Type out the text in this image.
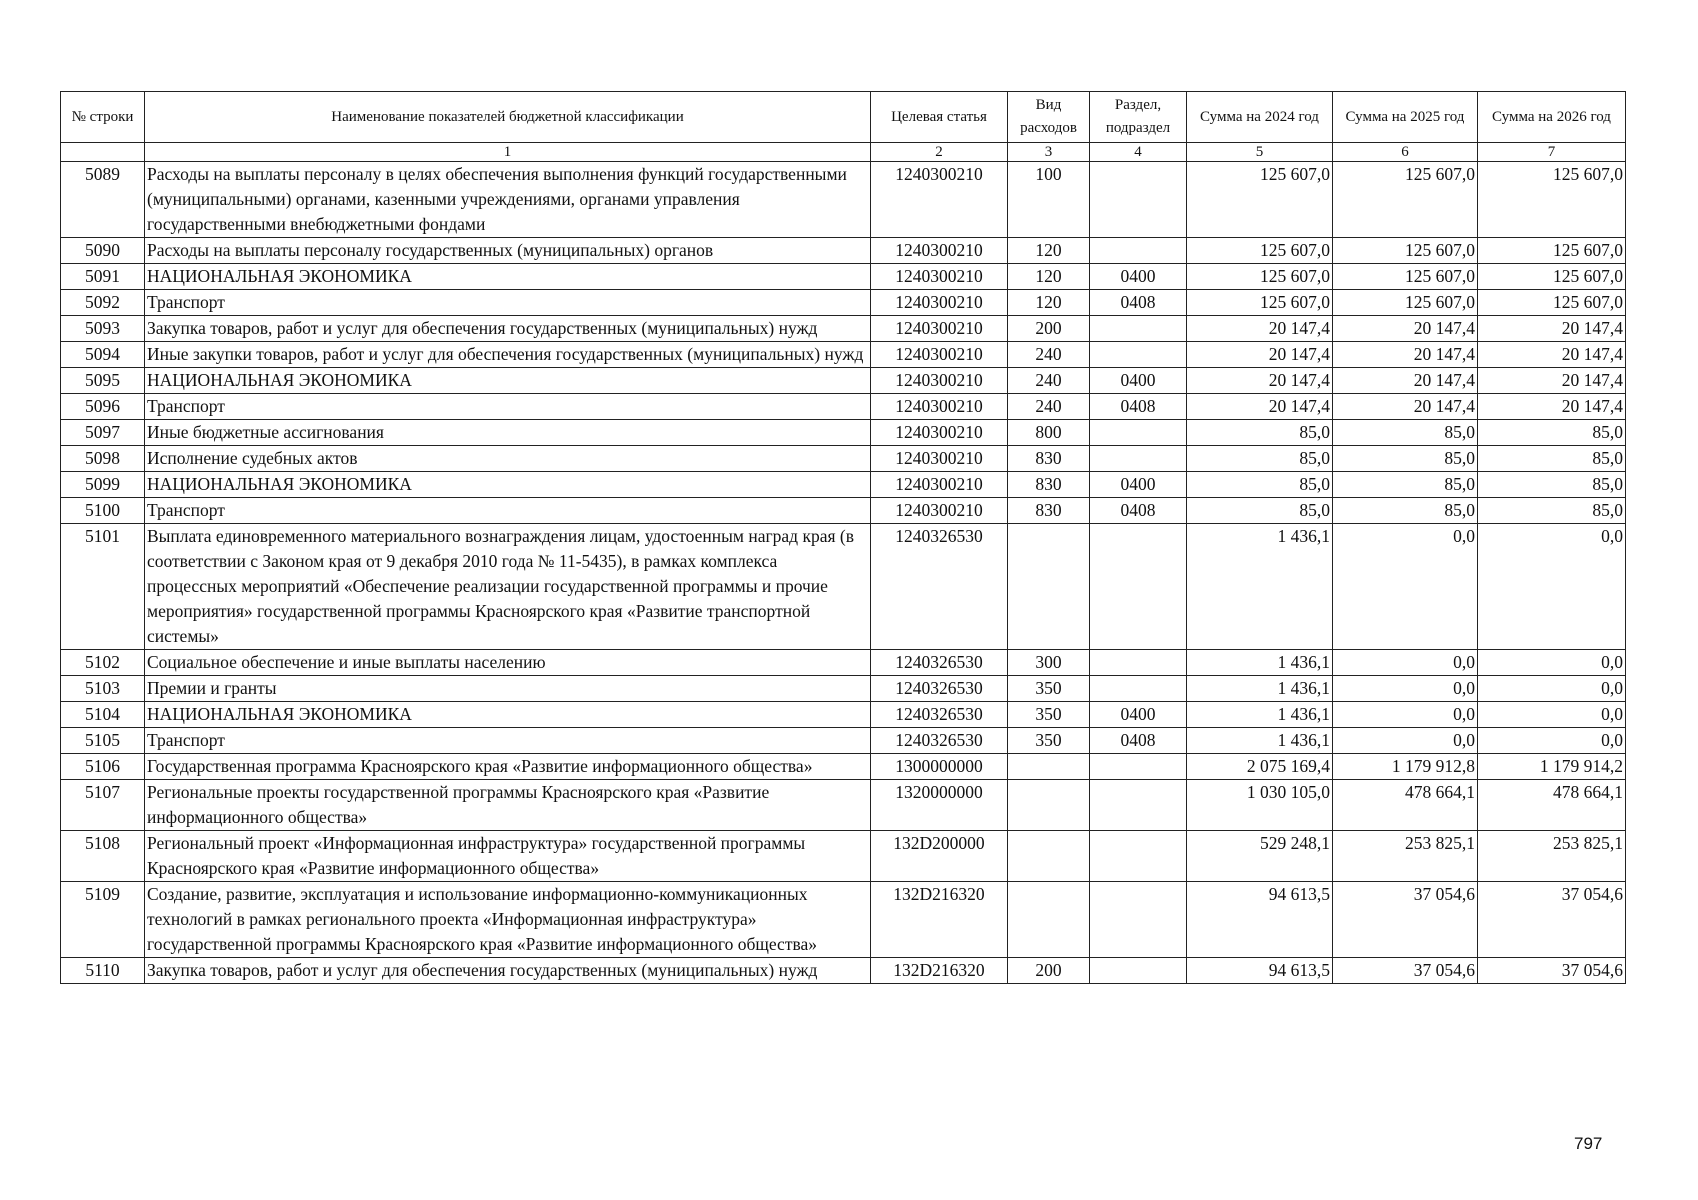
№ строки	Наименование показателей бюджетной классификации	Целевая статья	Вид расходов	Раздел, подраздел	Сумма на 2024 год	Сумма на 2025 год	Сумма на 2026 год
	1	2	3	4	5	6	7
5089	Расходы на выплаты персоналу в целях обеспечения выполнения функций государственными (муниципальными) органами, казенными учреждениями, органами управления государственными внебюджетными фондами	1240300210	100		125 607,0	125 607,0	125 607,0
5090	Расходы на выплаты персоналу государственных (муниципальных) органов	1240300210	120		125 607,0	125 607,0	125 607,0
5091	НАЦИОНАЛЬНАЯ ЭКОНОМИКА	1240300210	120	0400	125 607,0	125 607,0	125 607,0
5092	Транспорт	1240300210	120	0408	125 607,0	125 607,0	125 607,0
5093	Закупка товаров, работ и услуг для обеспечения государственных (муниципальных) нужд	1240300210	200		20 147,4	20 147,4	20 147,4
5094	Иные закупки товаров, работ и услуг для обеспечения государственных (муниципальных) нужд	1240300210	240		20 147,4	20 147,4	20 147,4
5095	НАЦИОНАЛЬНАЯ ЭКОНОМИКА	1240300210	240	0400	20 147,4	20 147,4	20 147,4
5096	Транспорт	1240300210	240	0408	20 147,4	20 147,4	20 147,4
5097	Иные бюджетные ассигнования	1240300210	800		85,0	85,0	85,0
5098	Исполнение судебных актов	1240300210	830		85,0	85,0	85,0
5099	НАЦИОНАЛЬНАЯ ЭКОНОМИКА	1240300210	830	0400	85,0	85,0	85,0
5100	Транспорт	1240300210	830	0408	85,0	85,0	85,0
5101	Выплата единовременного материального вознаграждения лицам, удостоенным наград края (в соответствии с Законом края от 9 декабря 2010 года № 11-5435), в рамках комплекса процессных мероприятий «Обеспечение реализации государственной программы и прочие мероприятия» государственной программы Красноярского края «Развитие транспортной системы»	1240326530			1 436,1	0,0	0,0
5102	Социальное обеспечение и иные выплаты населению	1240326530	300		1 436,1	0,0	0,0
5103	Премии и гранты	1240326530	350		1 436,1	0,0	0,0
5104	НАЦИОНАЛЬНАЯ ЭКОНОМИКА	1240326530	350	0400	1 436,1	0,0	0,0
5105	Транспорт	1240326530	350	0408	1 436,1	0,0	0,0
5106	Государственная программа Красноярского края «Развитие информационного общества»	1300000000			2 075 169,4	1 179 912,8	1 179 914,2
5107	Региональные проекты государственной программы Красноярского края «Развитие информационного общества»	1320000000			1 030 105,0	478 664,1	478 664,1
5108	Региональный проект «Информационная инфраструктура» государственной программы Красноярского края «Развитие информационного общества»	132D200000			529 248,1	253 825,1	253 825,1
5109	Создание, развитие, эксплуатация и использование информационно-коммуникационных технологий в рамках регионального проекта «Информационная инфраструктура» государственной программы Красноярского края «Развитие информационного общества»	132D216320			94 613,5	37 054,6	37 054,6
5110	Закупка товаров, работ и услуг для обеспечения государственных (муниципальных) нужд	132D216320	200		94 613,5	37 054,6	37 054,6
797
